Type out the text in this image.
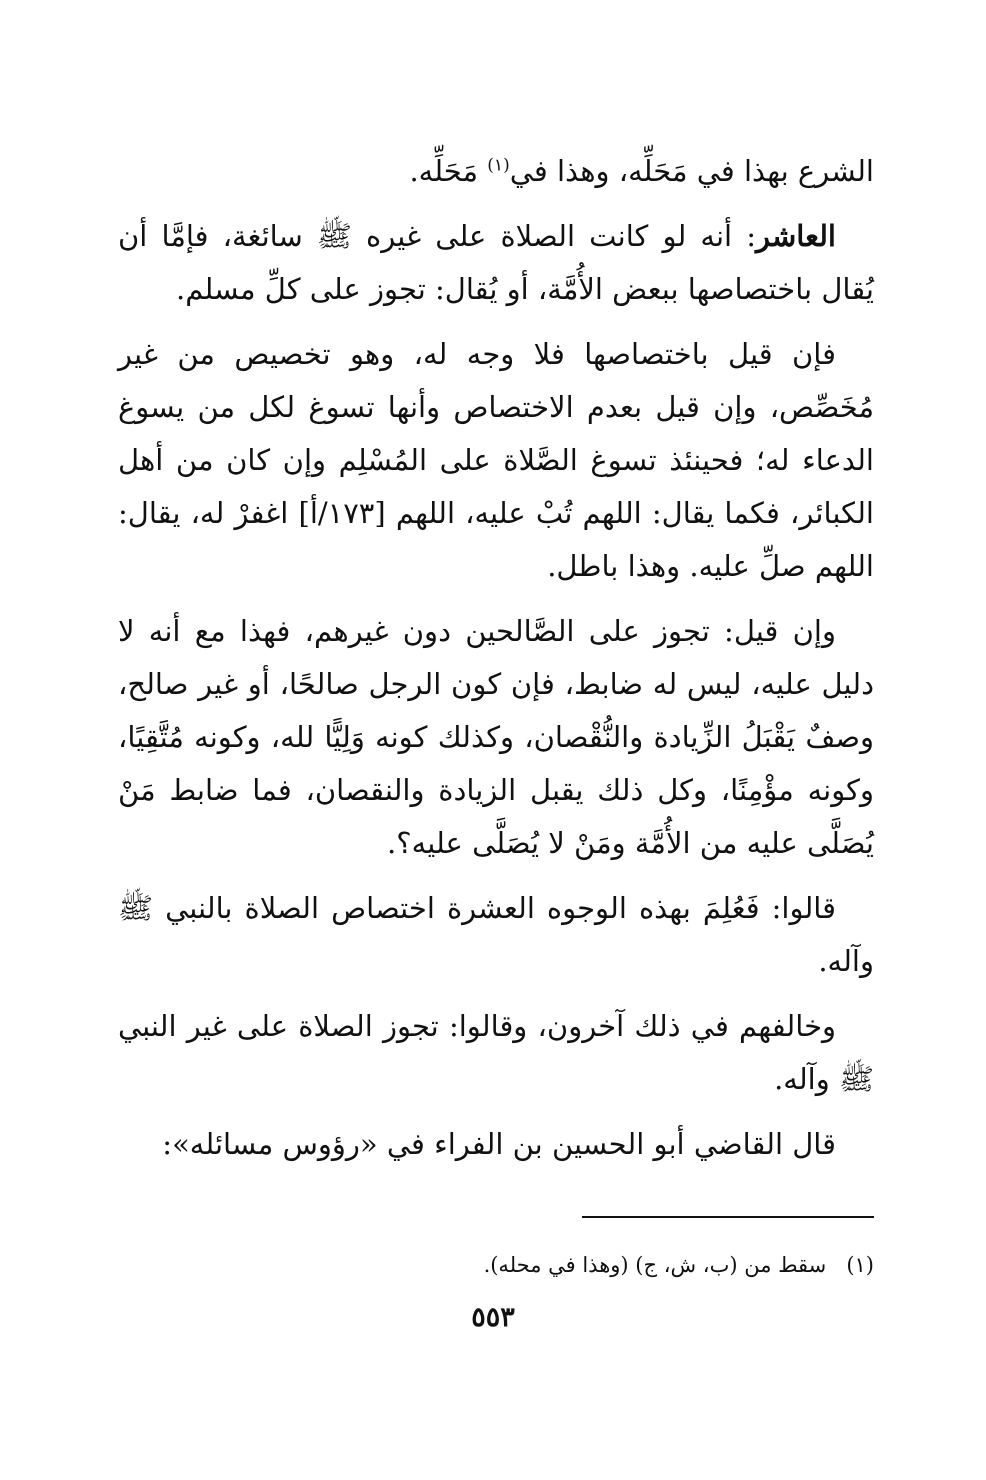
الشرع بهذا في مَحَلِّه، وهذا في$^{(١)}$ مَحَلِّه.

العاشر: أنه لو كانت الصلاة على غيره ﷺ سائغة، فإمَّا أن يُقال باختصاصها ببعض الأُمَّة، أو يُقال: تجوز على كلِّ مسلم.

فإن قيل باختصاصها فلا وجه له، وهو تخصيص من غير مُخَصِّص، وإن قيل بعدم الاختصاص وأنها تسوغ لكل من يسوغ الدعاء له؛ فحينئذ تسوغ الصَّلاة على المُسْلِم وإن كان من أهل الكبائر، فكما يقال: اللهم تُبْ عليه، اللهم [١٧٣/أ] اغفرْ له، يقال: اللهم صلِّ عليه. وهذا باطل.

وإن قيل: تجوز على الصَّالحين دون غيرهم، فهذا مع أنه لا دليل عليه، ليس له ضابط، فإن كون الرجل صالحًا، أو غير صالح، وصفٌ يَقْبَلُ الزِّيادة والنُّقْصان، وكذلك كونه وَلِيًّا لله، وكونه مُتَّقِيًا، وكونه مؤْمِنًا، وكل ذلك يقبل الزيادة والنقصان، فما ضابط مَنْ يُصَلَّى عليه من الأُمَّة ومَنْ لا يُصَلَّى عليه؟.

قالوا: فَعُلِمَ بهذه الوجوه العشرة اختصاص الصلاة بالنبي ﷺ وآله.

وخالفهم في ذلك آخرون، وقالوا: تجوز الصلاة على غير النبي ﷺ وآله.

قال القاضي أبو الحسين بن الفراء في «رؤوس مسائله»:

(١)   سقط من (ب، ش، ج) (وهذا في محله).

٥٥٣
